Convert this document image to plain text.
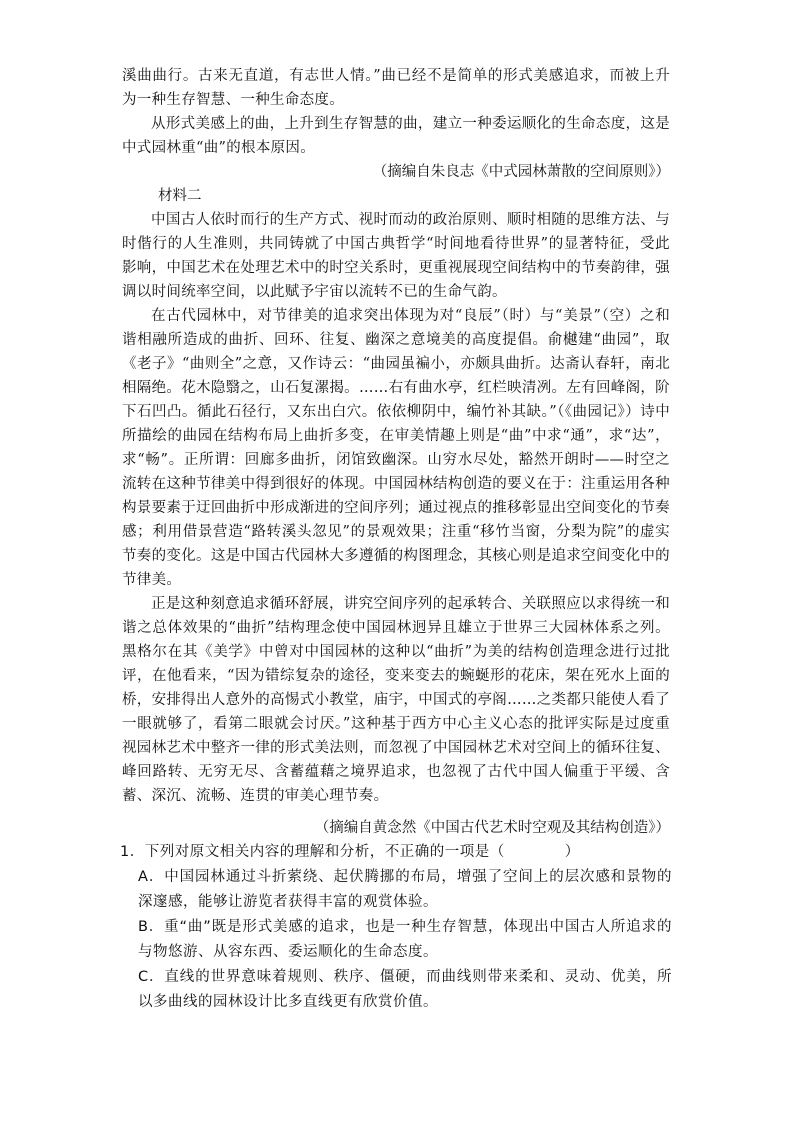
溪曲曲行。古来无直道，有志世人情。”曲已经不是简单的形式美感追求，而被上升为一种生存智慧、一种生命态度。
从形式美感上的曲，上升到生存智慧的曲，建立一种委运顺化的生命态度，这是中式园林重“曲”的根本原因。
（摘编自朱良志《中式园林萧散的空间原则》）
材料二
中国古人依时而行的生产方式、视时而动的政治原则、顺时相随的思维方法、与时偕行的人生准则，共同铸就了中国古典哲学“时间地看待世界”的显著特征，受此影响，中国艺术在处理艺术中的时空关系时，更重视展现空间结构中的节奏韵律，强调以时间统率空间，以此赋予宇宙以流转不已的生命气韵。
在古代园林中，对节律美的追求突出体现为对“良辰”（时）与“美景”（空）之和谐相融所造成的曲折、回环、往复、幽深之意境美的高度提倡。俞樾建“曲园”，取《老子》“曲则全”之意，又作诗云：“曲园虽褊小，亦颇具曲折。达斋认春轩，南北相隔绝。花木隐翳之，山石复漯揭。……右有曲水亭，红栏映清冽。左有回峰阁，阶下石凹凸。循此石径行，又东出白穴。依依柳阴中，编竹补其缺。”（《曲园记》）诗中所描绘的曲园在结构布局上曲折多变，在审美情趣上则是“曲”中求“通”，求“达”，求“畅”。正所谓：回廊多曲折，闭馆致幽深。山穷水尽处，豁然开朗时——时空之流转在这种节律美中得到很好的体现。中国园林结构创造的要义在于：注重运用各种构景要素于迂回曲折中形成渐进的空间序列；通过视点的推移彰显出空间变化的节奏感；利用借景营造“路转溪头忽见”的景观效果；注重“移竹当窗，分梨为院”的虚实节奏的变化。这是中国古代园林大多遵循的构图理念，其核心则是追求空间变化中的节律美。
正是这种刻意追求循环舒展，讲究空间序列的起承转合、关联照应以求得统一和谐之总体效果的“曲折”结构理念使中国园林迥异且雄立于世界三大园林体系之列。黑格尔在其《美学》中曾对中国园林的这种以“曲折”为美的结构创造理念进行过批评，在他看来，“因为错综复杂的途径，变来变去的蜿蜒形的花床，架在死水上面的桥，安排得出人意外的高惕式小教堂，庙宇，中国式的亭阁……之类都只能使人看了一眼就够了，看第二眼就会讨厌。”这种基于西方中心主义心态的批评实际是过度重视园林艺术中整齐一律的形式美法则，而忽视了中国园林艺术对空间上的循环往复、峰回路转、无穷无尽、含蓄蕴藉之境界追求，也忽视了古代中国人偏重于平缓、含蓄、深沉、流畅、连贯的审美心理节奏。
（摘编自黄念然《中国古代艺术时空观及其结构创造》）
1．下列对原文相关内容的理解和分析，不正确的一项是（	）
A．中国园林通过斗折萦绕、起伏腾挪的布局，增强了空间上的层次感和景物的深邃感，能够让游览者获得丰富的观赏体验。
B．重“曲”既是形式美感的追求，也是一种生存智慧，体现出中国古人所追求的与物悠游、从容东西、委运顺化的生命态度。
C．直线的世界意味着规则、秩序、僵硬，而曲线则带来柔和、灵动、优美，所以多曲线的园林设计比多直线更有欣赏价值。
